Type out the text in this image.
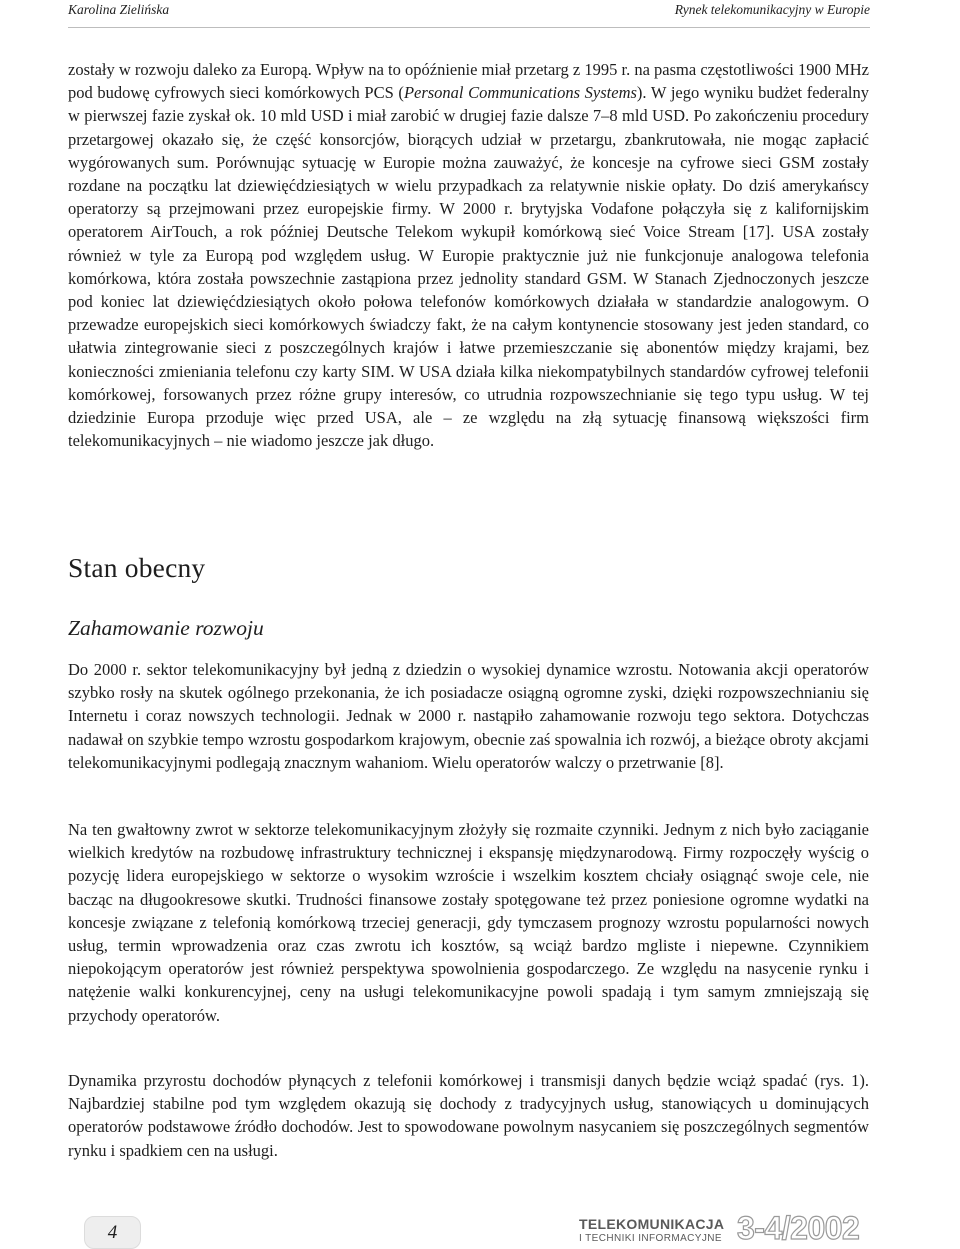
Karolina Zielińska	Rynek telekomunikacyjny w Europie

zostały w rozwoju daleko za Europą. Wpływ na to opóźnienie miał przetarg z 1995 r. na pasma częstotliwości 1900 MHz pod budowę cyfrowych sieci komórkowych PCS (Personal Communications Systems). W jego wyniku budżet federalny w pierwszej fazie zyskał ok. 10 mld USD i miał zarobić w drugiej fazie dalsze 7–8 mld USD. Po zakończeniu procedury przetargowej okazało się, że część konsorcjów, biorących udział w przetargu, zbankrutowała, nie mogąc zapłacić wygórowanych sum. Porównując sytuację w Europie można zauważyć, że koncesje na cyfrowe sieci GSM zostały rozdane na początku lat dziewięćdziesiątych w wielu przypadkach za relatywnie niskie opłaty. Do dziś amerykańscy operatorzy są przejmowani przez europejskie firmy. W 2000 r. brytyjska Vodafone połączyła się z kalifornijskim operatorem AirTouch, a rok później Deutsche Telekom wykupił komórkową sieć Voice Stream [17]. USA zostały również w tyle za Europą pod względem usług. W Europie praktycznie już nie funkcjonuje analogowa telefonia komórkowa, która została powszechnie zastąpiona przez jednolity standard GSM. W Stanach Zjednoczonych jeszcze pod koniec lat dziewięćdziesiątych około połowa telefonów komórkowych działała w standardzie analogowym. O przewadze europejskich sieci komórkowych świadczy fakt, że na całym kontynencie stosowany jest jeden standard, co ułatwia zintegrowanie sieci z poszczególnych krajów i łatwe przemieszczanie się abonentów między krajami, bez konieczności zmieniania telefonu czy karty SIM. W USA działa kilka niekompatybilnych standardów cyfrowej telefonii komórkowej, forsowanych przez różne grupy interesów, co utrudnia rozpowszechnianie się tego typu usług. W tej dziedzinie Europa przoduje więc przed USA, ale – ze względu na złą sytuację finansową większości firm telekomunikacyjnych – nie wiadomo jeszcze jak długo.

Stan obecny
Zahamowanie rozwoju

Do 2000 r. sektor telekomunikacyjny był jedną z dziedzin o wysokiej dynamice wzrostu. Notowania akcji operatorów szybko rosły na skutek ogólnego przekonania, że ich posiadacze osiągną ogromne zyski, dzięki rozpowszechnianiu się Internetu i coraz nowszych technologii. Jednak w 2000 r. nastąpiło zahamowanie rozwoju tego sektora. Dotychczas nadawał on szybkie tempo wzrostu gospodarkom krajowym, obecnie zaś spowalnia ich rozwój, a bieżące obroty akcjami telekomunikacyjnymi podlegają znacznym wahaniom. Wielu operatorów walczy o przetrwanie [8].

Na ten gwałtowny zwrot w sektorze telekomunikacyjnym złożyły się rozmaite czynniki. Jednym z nich było zaciąganie wielkich kredytów na rozbudowę infrastruktury technicznej i ekspansję międzynarodową. Firmy rozpoczęły wyścig o pozycję lidera europejskiego w sektorze o wysokim wzroście i wszelkim kosztem chciały osiągnąć swoje cele, nie bacząc na długookresowe skutki. Trudności finansowe zostały spotęgowane też przez poniesione ogromne wydatki na koncesje związane z telefonią komórkową trzeciej generacji, gdy tymczasem prognozy wzrostu popularności nowych usług, termin wprowadzenia oraz czas zwrotu ich kosztów, są wciąż bardzo mgliste i niepewne. Czynnikiem niepokojącym operatorów jest również perspektywa spowolnienia gospodarczego. Ze względu na nasycenie rynku i natężenie walki konkurencyjnej, ceny na usługi telekomunikacyjne powoli spadają i tym samym zmniejszają się przychody operatorów.

Dynamika przyrostu dochodów płynących z telefonii komórkowej i transmisji danych będzie wciąż spadać (rys. 1). Najbardziej stabilne pod tym względem okazują się dochody z tradycyjnych usług, stanowiących u dominujących operatorów podstawowe źródło dochodów. Jest to spowodowane powolnym nasycaniem się poszczególnych segmentów rynku i spadkiem cen na usługi.

4	TELEKOMUNIKACJA
I TECHNIKI INFORMACYJNE 3-4/2002
